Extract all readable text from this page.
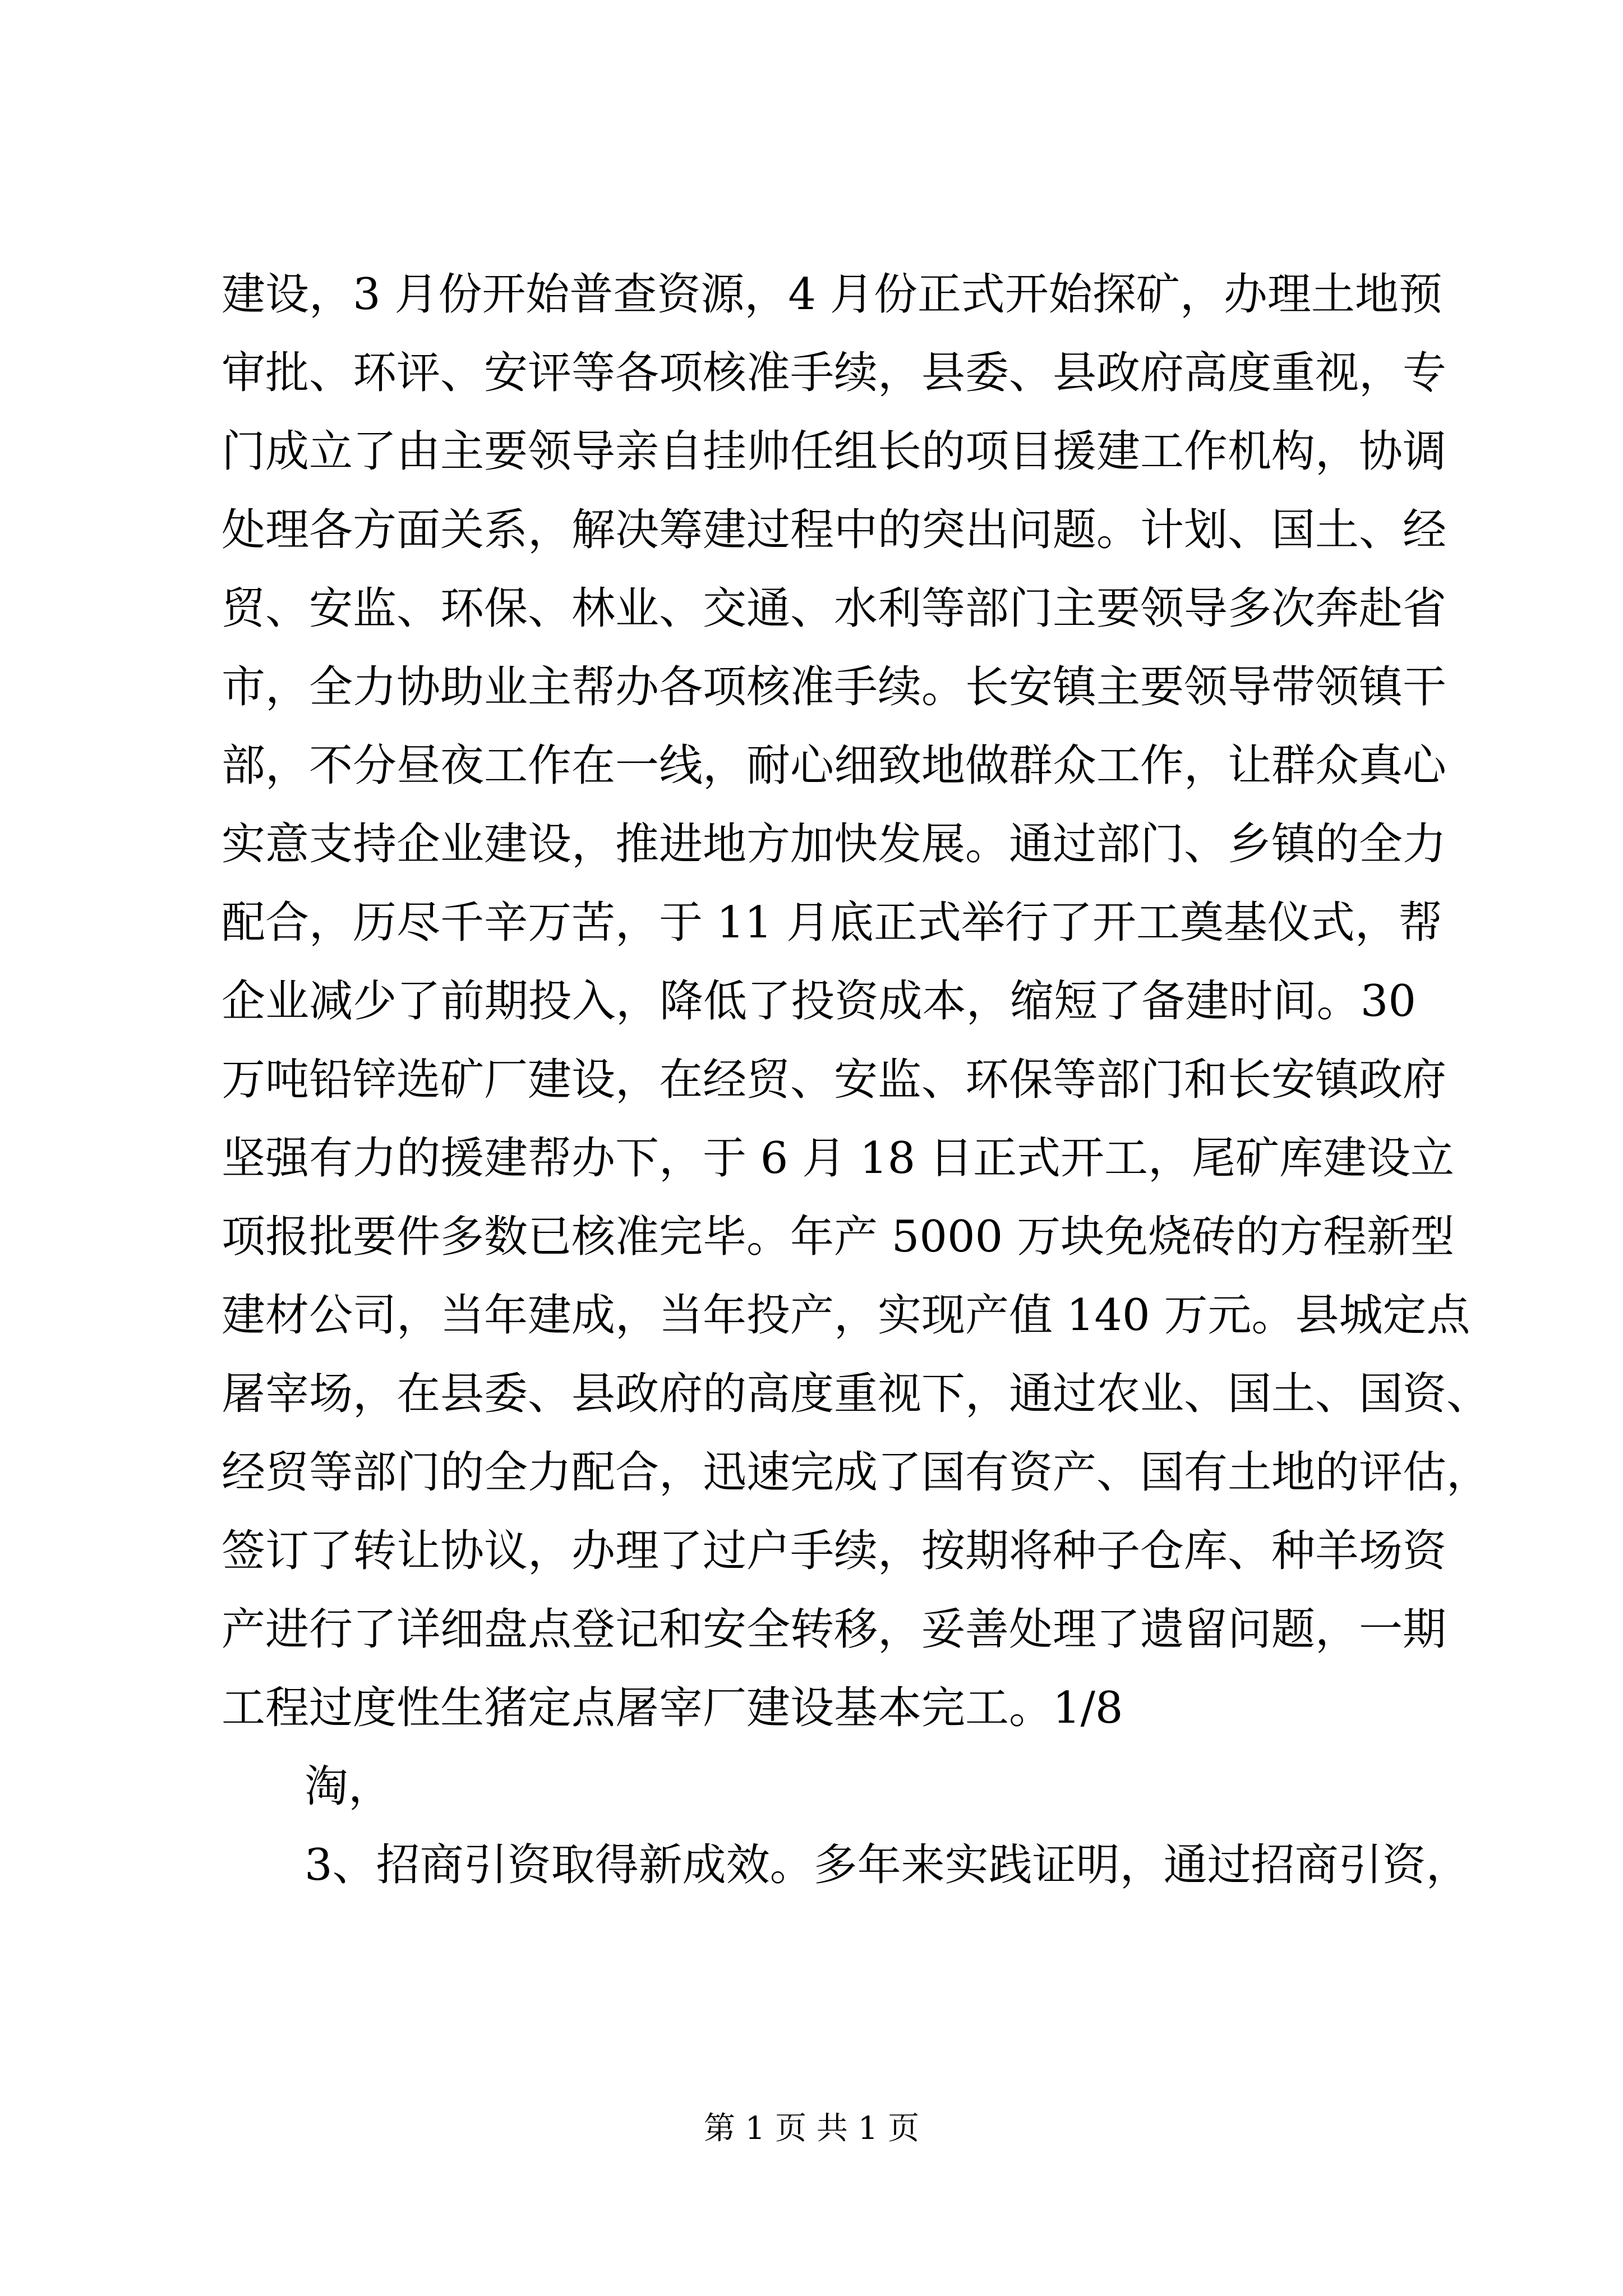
建设，3 月份开始普查资源，4 月份正式开始探矿，办理土地预
审批、环评、安评等各项核准手续，县委、县政府高度重视，专
门成立了由主要领导亲自挂帅任组长的项目援建工作机构，协调
处理各方面关系，解决筹建过程中的突出问题。计划、国土、经
贸、安监、环保、林业、交通、水利等部门主要领导多次奔赴省
市，全力协助业主帮办各项核准手续。长安镇主要领导带领镇干
部，不分昼夜工作在一线，耐心细致地做群众工作，让群众真心
实意支持企业建设，推进地方加快发展。通过部门、乡镇的全力
配合，历尽千辛万苦，于 11 月底正式举行了开工奠基仪式，帮
企业减少了前期投入，降低了投资成本，缩短了备建时间。30
万吨铅锌选矿厂建设，在经贸、安监、环保等部门和长安镇政府
坚强有力的援建帮办下，于 6 月 18 日正式开工，尾矿库建设立
项报批要件多数已核准完毕。年产 5000 万块免烧砖的方程新型
建材公司，当年建成，当年投产，实现产值 140 万元。县城定点
屠宰场，在县委、县政府的高度重视下，通过农业、国土、国资、
经贸等部门的全力配合，迅速完成了国有资产、国有土地的评估，
签订了转让协议，办理了过户手续，按期将种子仓库、种羊场资
产进行了详细盘点登记和安全转移，妥善处理了遗留问题，一期
工程过度性生猪定点屠宰厂建设基本完工。1/8
淘，
3、招商引资取得新成效。多年来实践证明，通过招商引资，
第 1 页 共 1 页
